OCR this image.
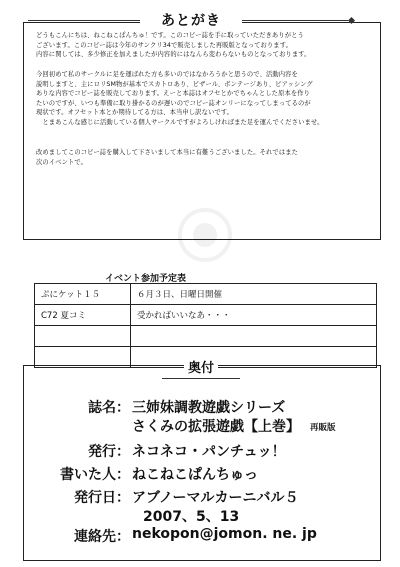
あとがき
どうもこんにちは、ねこねこぱんちゅ！です。このコピー誌を手に取っていただきありがとう
ございます。このコピー誌は今年のサンクリ34で販売しました再販版となっております。
内容に関しては、多少修正を加えましたが内容的にはなんら変わらないものとなっております。
今回初めて私のサークルに足を運ばれた方も多いのではなかろうかと思うので、活動内容を
説明しますと、主にロリSM物が基本でスカトロあり、ビザール、ボンテージあり、ピアッシング
ありな内容でコピー誌を販売しております。えーと本誌はオフセとかでちゃんとした原本を作り
たいのですが、いつも準備に取り掛かるのが遅いのでコピー誌オンリーになってしまってるのが
現状です。オフセット本とか期待してる方は、本当申し訳ないです。
　とまあこんな感じに活動している個人サークルですがよろしければまた足を運んでくださいませ。
改めましてこのコピー誌を購入して下さいまして本当に有難うございました。それではまた
次のイベントで。
イベント参加予定表
ぷにケット１５	６月３日、日曜日開催
C72 夏コミ	受かればいいなあ・・・

奥付
誌名： 三姉妹調教遊戯シリーズ
さくみの拡張遊戯【上巻】 再販版
発行： ネコネコ・パンチュッ！
書いた人： ねこねこぱんちゅっ
発行日： アブノーマルカーニバル５
2007、5、13
連絡先： nekopon@jomon. ne. jp
